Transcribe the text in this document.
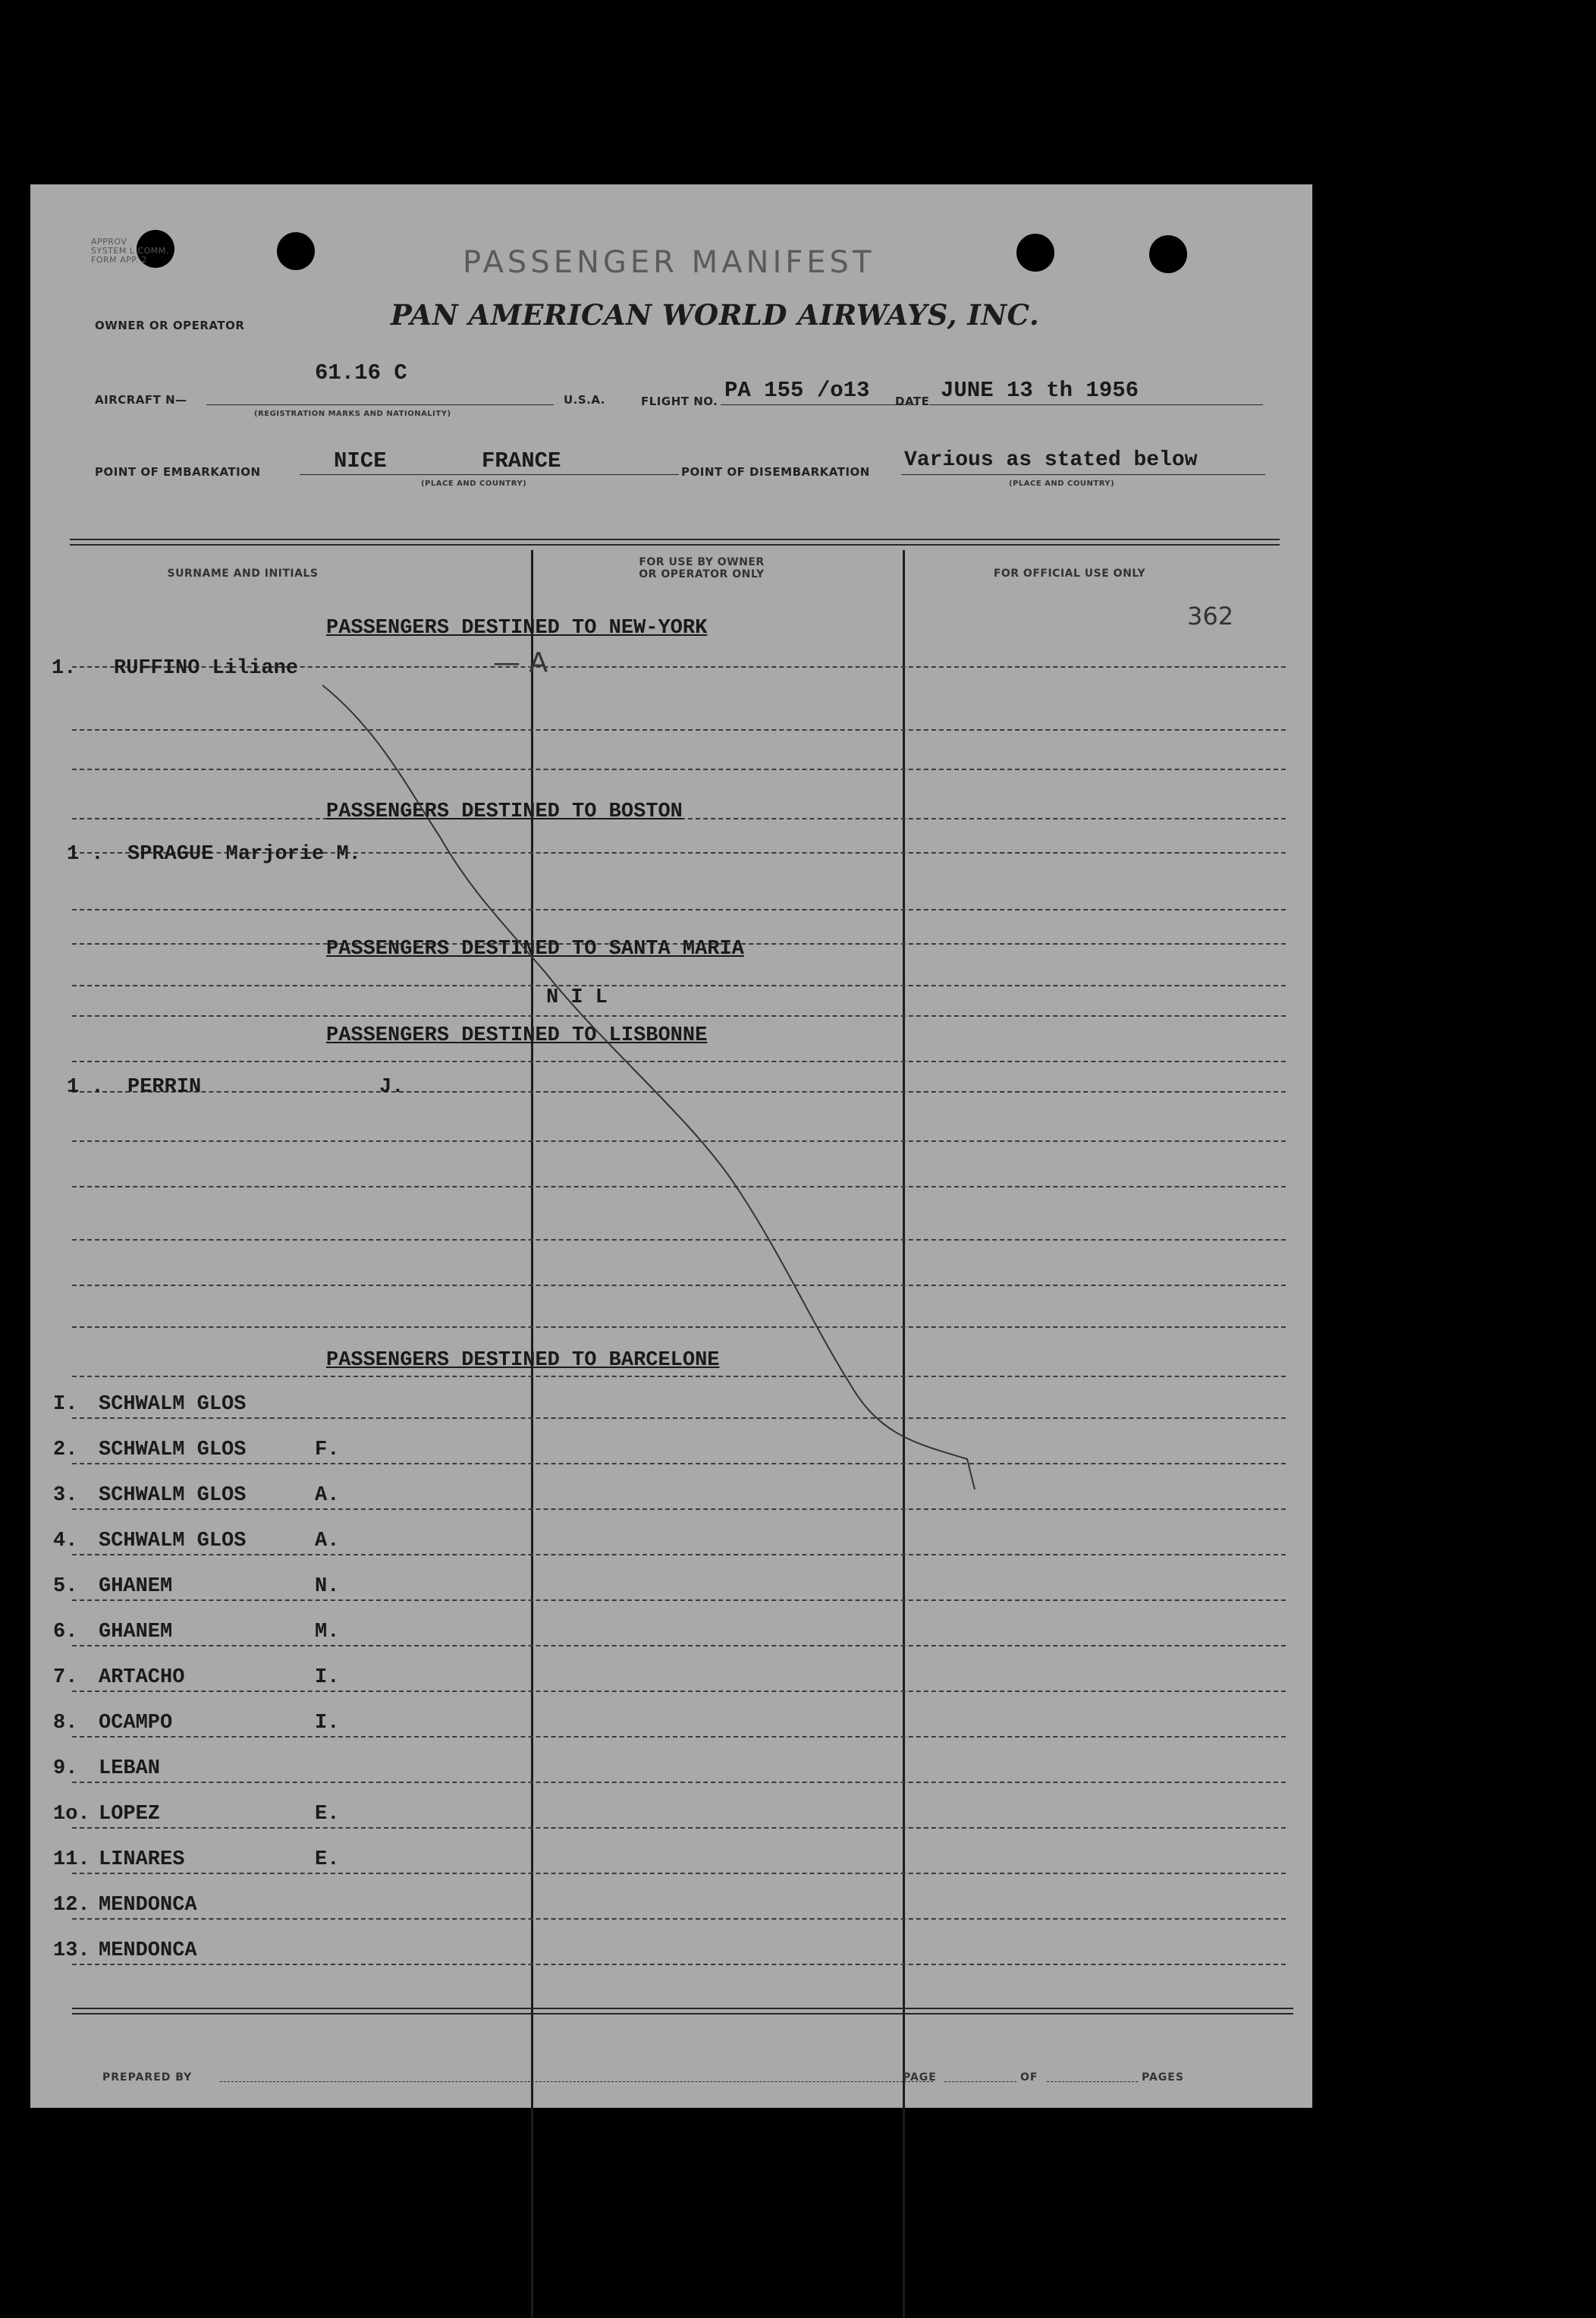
APPROV
SYSTEM L COMM.
FORM APP. 2	PASSENGER MANIFEST
OWNER OR OPERATOR	PAN AMERICAN WORLD AIRWAYS, INC.
AIRCRAFT N—
61.16 C
(REGISTRATION MARKS AND NATIONALITY)
U.S.A.	FLIGHT NO. PA 155 /o13 DATE JUNE 13 th 1956
POINT OF EMBARKATION	NICE	FRANCE
(PLACE AND COUNTRY)
POINT OF DISEMBARKATION Various as stated below
(PLACE AND COUNTRY)
SURNAME AND INITIALS
FOR USE BY OWNER
OR OPERATOR ONLY	FOR OFFICIAL USE ONLY
362
PASSENGERS DESTINED TO NEW-YORK
1. RUFFINO Liliane	— A
PASSENGERS DESTINED TO BOSTON
1 . SPRAGUE Marjorie M.
PASSENGERS DESTINED TO SANTA MARIA
N I L
PASSENGERS DESTINED TO LISBONNE
1 . PERRIN	J.
PASSENGERS DESTINED TO BARCELONE
I. SCHWALM GLOS
2. SCHWALM GLOS	F.
3. SCHWALM GLOS	A.
4. SCHWALM GLOS	A.
5. GHANEM	N.
6. GHANEM	M.
7. ARTACHO	I.
8. OCAMPO	I.
9. LEBAN
1o. LOPEZ	E.
11. LINARES	E.
12. MENDONCA
13. MENDONCA
PREPARED BY	PAGE	OF	PAGES
